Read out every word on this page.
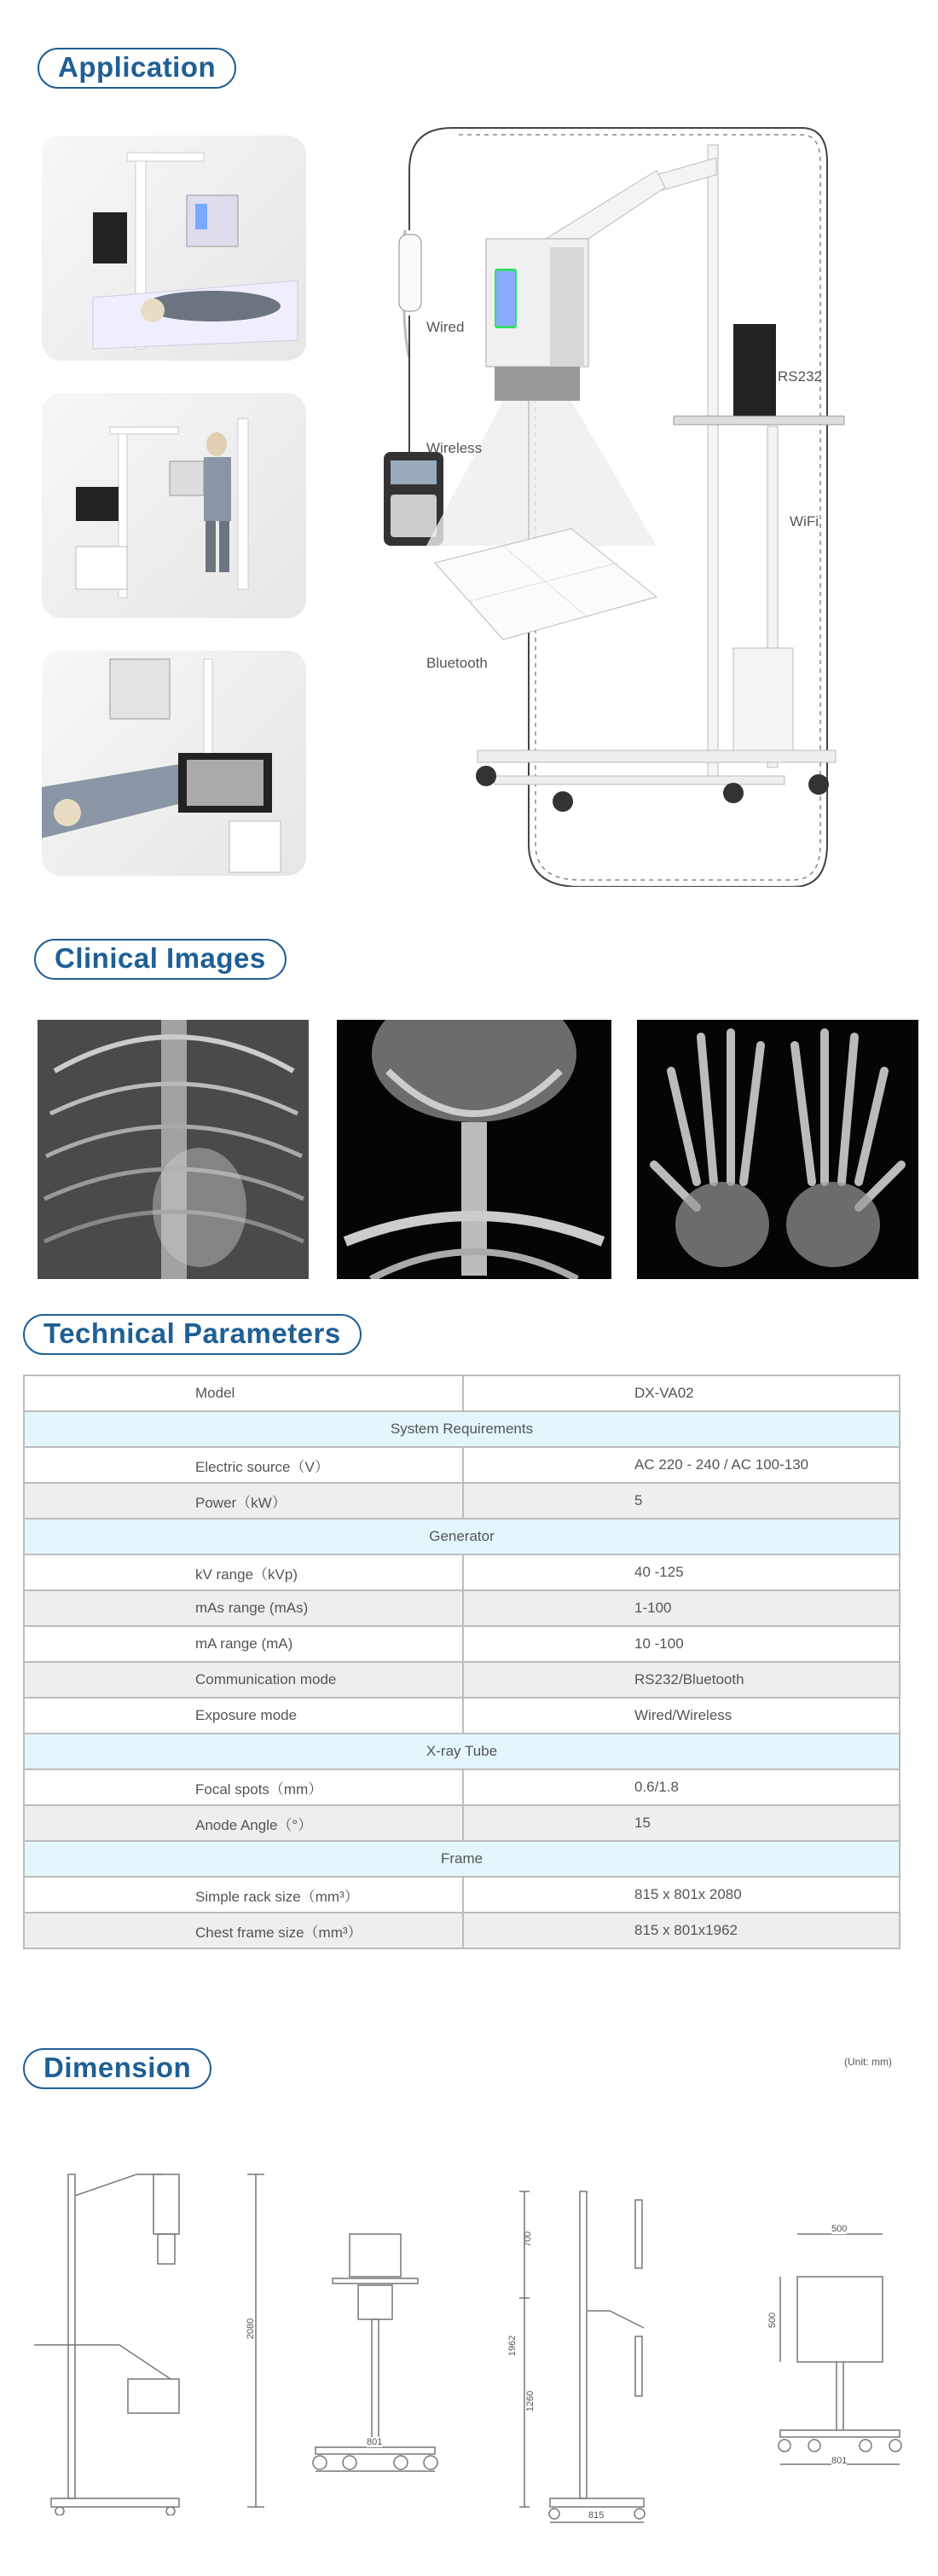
Application
Wired
Wireless
Bluetooth
RS232
WiFi
Clinical Images
Technical Parameters
Model	DX-VA02
System Requirements	
Electric source（V）	AC 220 - 240 / AC 100-130
Power（kW）	5
Generator	
kV range（kVp)	40 -125
mAs range (mAs)	1-100
mA range (mA)	10 -100
Communication mode	RS232/Bluetooth
Exposure mode	Wired/Wireless
X-ray Tube	
Focal spots（mm）	0.6/1.8
Anode Angle（°）	15
Frame	
Simple rack size（mm³）	815 x 801x 2080
Chest frame size（mm³）	815 x 801x1962
Dimension	(Unit: mm)
2080
801
700
1962
1260
815
500
500
801
